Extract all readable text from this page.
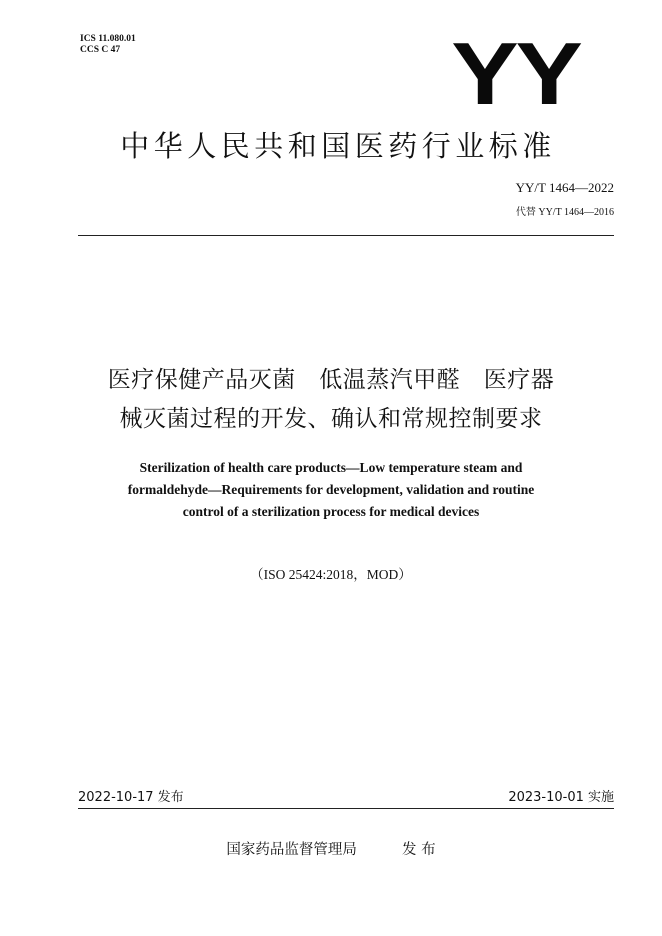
ICS 11.080.01
CCS C 47	YY
中华人民共和国医药行业标准
YY/T 1464—2022
代替 YY/T 1464—2016
医疗保健产品灭菌　低温蒸汽甲醛　医疗器
械灭菌过程的开发、确认和常规控制要求
Sterilization of health care products—Low temperature steam and
formaldehyde—Requirements for development, validation and routine
control of a sterilization process for medical devices
（ISO 25424:2018，MOD）
2022-10-17 发布	2023-10-01 实施
国家药品监督管理局	发 布
